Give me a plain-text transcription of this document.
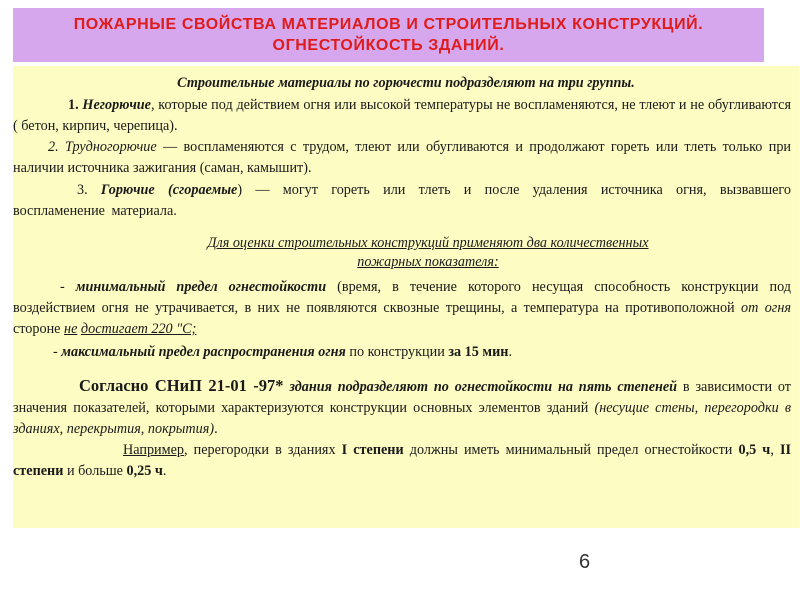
ПОЖАРНЫЕ СВОЙСТВА МАТЕРИАЛОВ И СТРОИТЕЛЬНЫХ КОНСТРУКЦИЙ.
ОГНЕСТОЙКОСТЬ ЗДАНИЙ.

Строительные материалы по горючести подразделяют на три группы.

1. Негорючие, которые под действием огня или высокой температуры не воспламеняются, не тлеют и не обугливаются ( бетон, кирпич, черепица).

2. Трудногорючие — воспламеняются с трудом, тлеют или обугливаются и продолжают гореть или тлеть только при наличии источника зажигания (саман, камышит).

3. Горючие (сгораемые) — могут гореть или тлеть и после удаления источника огня, вызвавшего воспламенение материала.

Для оценки строительных конструкций применяют два количественных
пожарных показателя:

- минимальный предел огнестойкости (время, в течение которого несущая способность конструкции под воздействием огня не утрачивается, в них не появляются сквозные трещины, а температура на противоположной от огня стороне не достигает 220 "С;

- максимальный предел распространения огня по конструкции за 15 мин.

Согласно СНиП 21-01 -97* здания подразделяют по огнестойкости на пять степеней в зависимости от значения показателей, которыми характеризуются конструкции основных элементов зданий (несущие стены, перегородки в зданиях, перекрытия, покрытия).

Например, перегородки в зданиях I степени должны иметь минимальный предел огнестойкости 0,5 ч, II степени и больше 0,25 ч.

6
